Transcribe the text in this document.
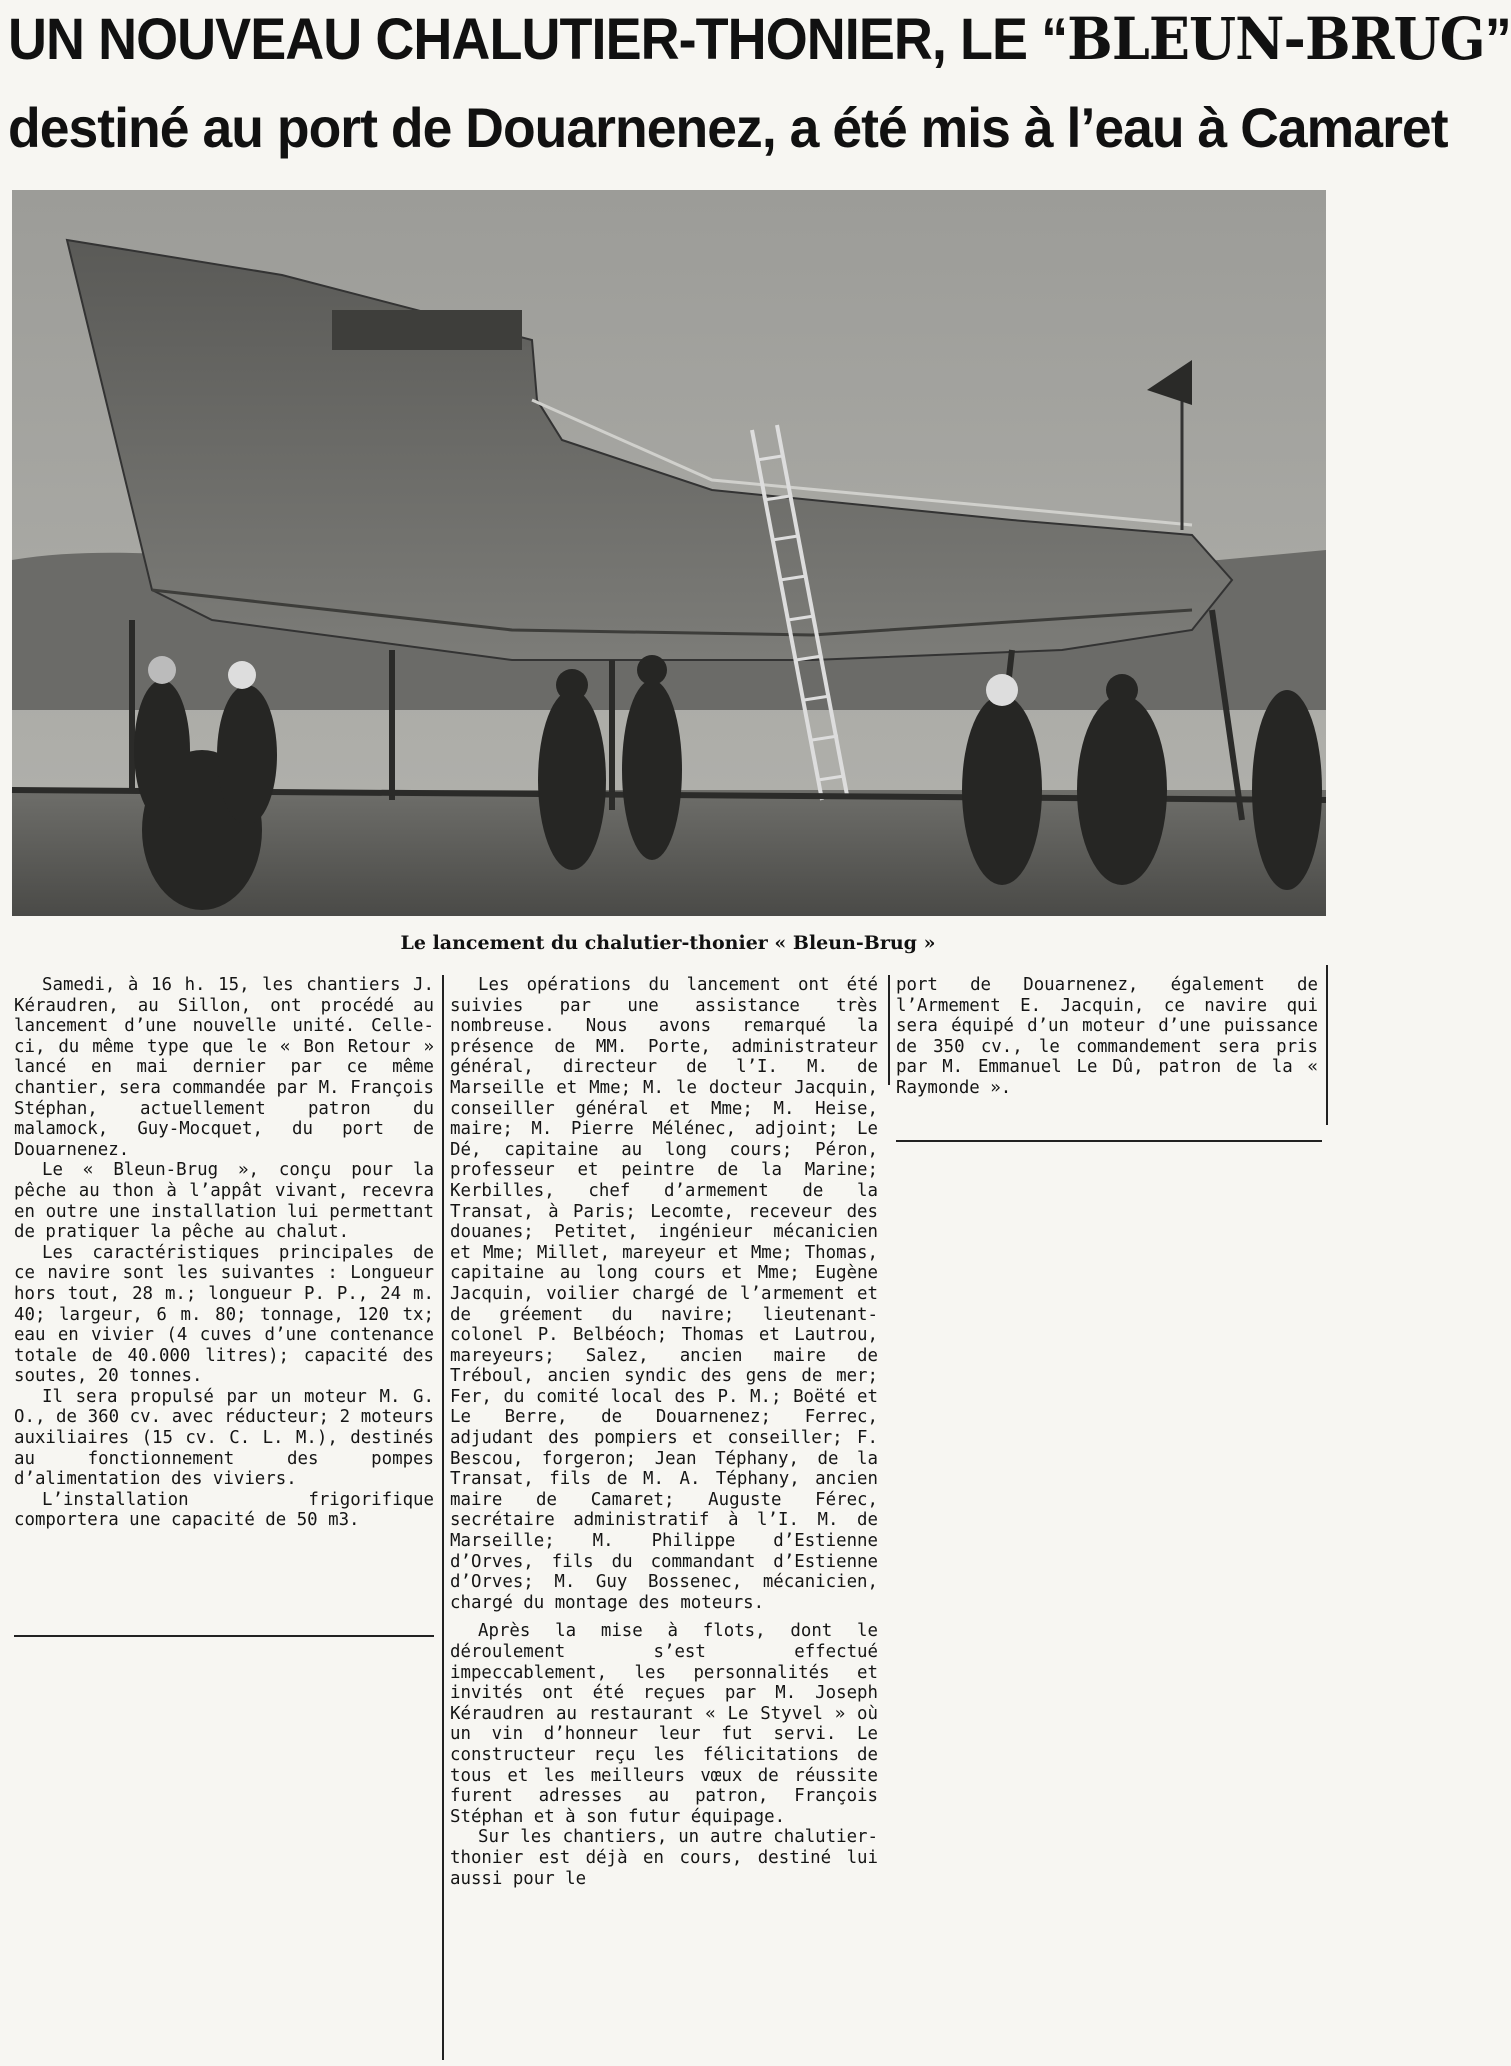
UN NOUVEAU CHALUTIER-THONIER, LE “BLEUN-BRUG”
destiné au port de Douarnenez, a été mis à l’eau à Camaret
Le lancement du chalutier-thonier « Bleun-Brug »

Samedi, à 16 h. 15, les chantiers J. Kéraudren, au Sillon, ont procédé au lancement d’une nouvelle unité. Celle-ci, du même type que le « Bon Retour » lancé en mai dernier par ce même chantier, sera commandée par M. François Stéphan, actuellement patron du malamock, Guy-Mocquet, du port de Douarnenez.

Le « Bleun-Brug », conçu pour la pêche au thon à l’appât vivant, recevra en outre une installation lui permettant de pratiquer la pêche au chalut.

Les caractéristiques principales de ce navire sont les suivantes : Longueur hors tout, 28 m.; longueur P. P., 24 m. 40; largeur, 6 m. 80; tonnage, 120 tx; eau en vivier (4 cuves d’une contenance totale de 40.000 litres); capacité des soutes, 20 tonnes.

Il sera propulsé par un moteur M. G. O., de 360 cv. avec réducteur; 2 moteurs auxiliaires (15 cv. C. L. M.), destinés au fonctionnement des pompes d’alimentation des viviers.

L’installation frigorifique comportera une capacité de 50 m3.

Les opérations du lancement ont été suivies par une assistance très nombreuse. Nous avons remarqué la présence de MM. Porte, administrateur général, directeur de l’I. M. de Marseille et Mme; M. le docteur Jacquin, conseiller général et Mme; M. Heise, maire; M. Pierre Mélénec, adjoint; Le Dé, capitaine au long cours; Péron, professeur et peintre de la Marine; Kerbilles, chef d’armement de la Transat, à Paris; Lecomte, receveur des douanes; Petitet, ingénieur mécanicien et Mme; Millet, mareyeur et Mme; Thomas, capitaine au long cours et Mme; Eugène Jacquin, voilier chargé de l’armement et de gréement du navire; lieutenant-colonel P. Belbéoch; Thomas et Lautrou, mareyeurs; Salez, ancien maire de Tréboul, ancien syndic des gens de mer; Fer, du comité local des P. M.; Boëté et Le Berre, de Douarnenez; Ferrec, adjudant des pompiers et conseiller; F. Bescou, forgeron; Jean Téphany, de la Transat, fils de M. A. Téphany, ancien maire de Camaret; Auguste Férec, secrétaire administratif à l’I. M. de Marseille; M. Philippe d’Estienne d’Orves, fils du commandant d’Estienne d’Orves; M. Guy Bossenec, mécanicien, chargé du montage des moteurs.

Après la mise à flots, dont le déroulement s’est effectué impeccablement, les personnalités et invités ont été reçues par M. Joseph Kéraudren au restaurant « Le Styvel » où un vin d’honneur leur fut servi. Le constructeur reçu les félicitations de tous et les meilleurs vœux de réussite furent adresses au patron, François Stéphan et à son futur équipage.

Sur les chantiers, un autre chalutier-thonier est déjà en cours, destiné lui aussi pour le

port de Douarnenez, également de l’Armement E. Jacquin, ce navire qui sera équipé d’un moteur d’une puissance de 350 cv., le commandement sera pris par M. Emmanuel Le Dû, patron de la « Raymonde ».
